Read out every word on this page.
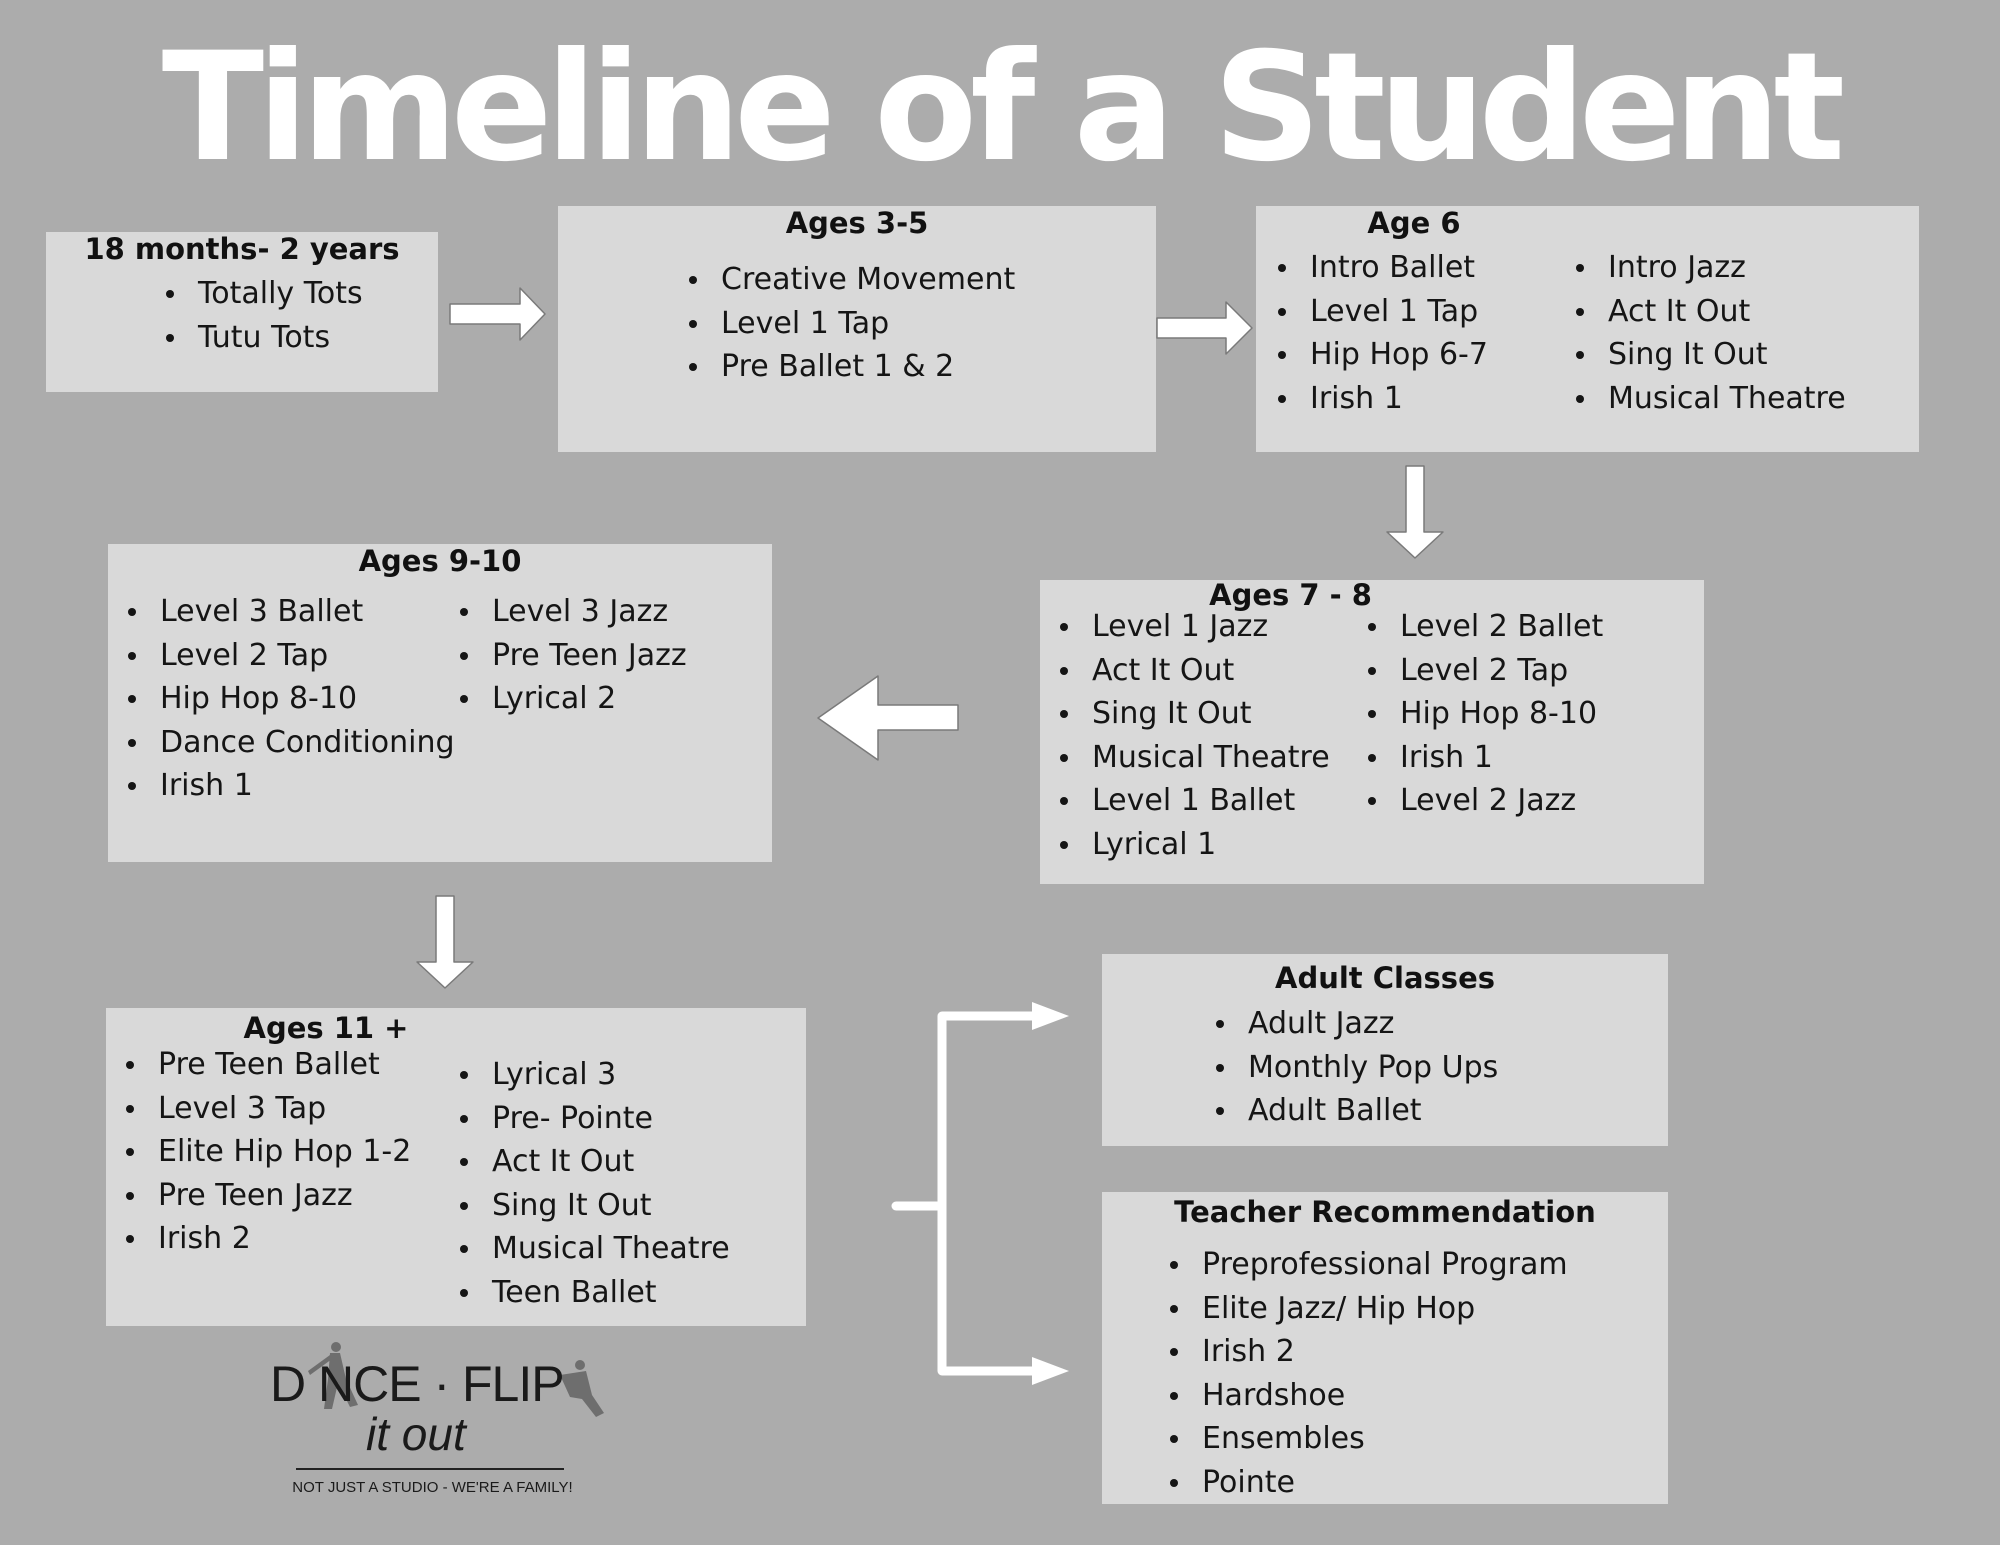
Timeline of a Student
18 months- 2 years
Totally Tots
Tutu Tots
Ages 3-5
Creative Movement
Level 1 Tap
Pre Ballet 1 & 2
Age 6
Intro Ballet
Level 1 Tap
Hip Hop 6-7
Irish 1
Intro Jazz
Act It Out
Sing It Out
Musical Theatre
Ages 7 - 8
Level 1 Jazz
Act It Out
Sing It Out
Musical Theatre
Level 1 Ballet
Lyrical 1
Level 2 Ballet
Level 2 Tap
Hip Hop 8-10
Irish 1
Level 2 Jazz
Ages 9-10
Level 3 Ballet
Level 2 Tap
Hip Hop 8-10
Dance Conditioning
Irish 1
Level 3 Jazz
Pre Teen Jazz
Lyrical 2
Ages 11 +
Pre Teen Ballet
Level 3 Tap
Elite Hip Hop 1-2
Pre Teen Jazz
Irish 2
Lyrical 3
Pre- Pointe
Act It Out
Sing It Out
Musical Theatre
Teen Ballet
Adult Classes
Adult Jazz
Monthly Pop Ups
Adult Ballet
Teacher Recommendation
Preprofessional Program
Elite Jazz/ Hip Hop
Irish 2
Hardshoe
Ensembles
Pointe
D NCE · FLIP
it out
NOT JUST A STUDIO - WE'RE A FAMILY!
